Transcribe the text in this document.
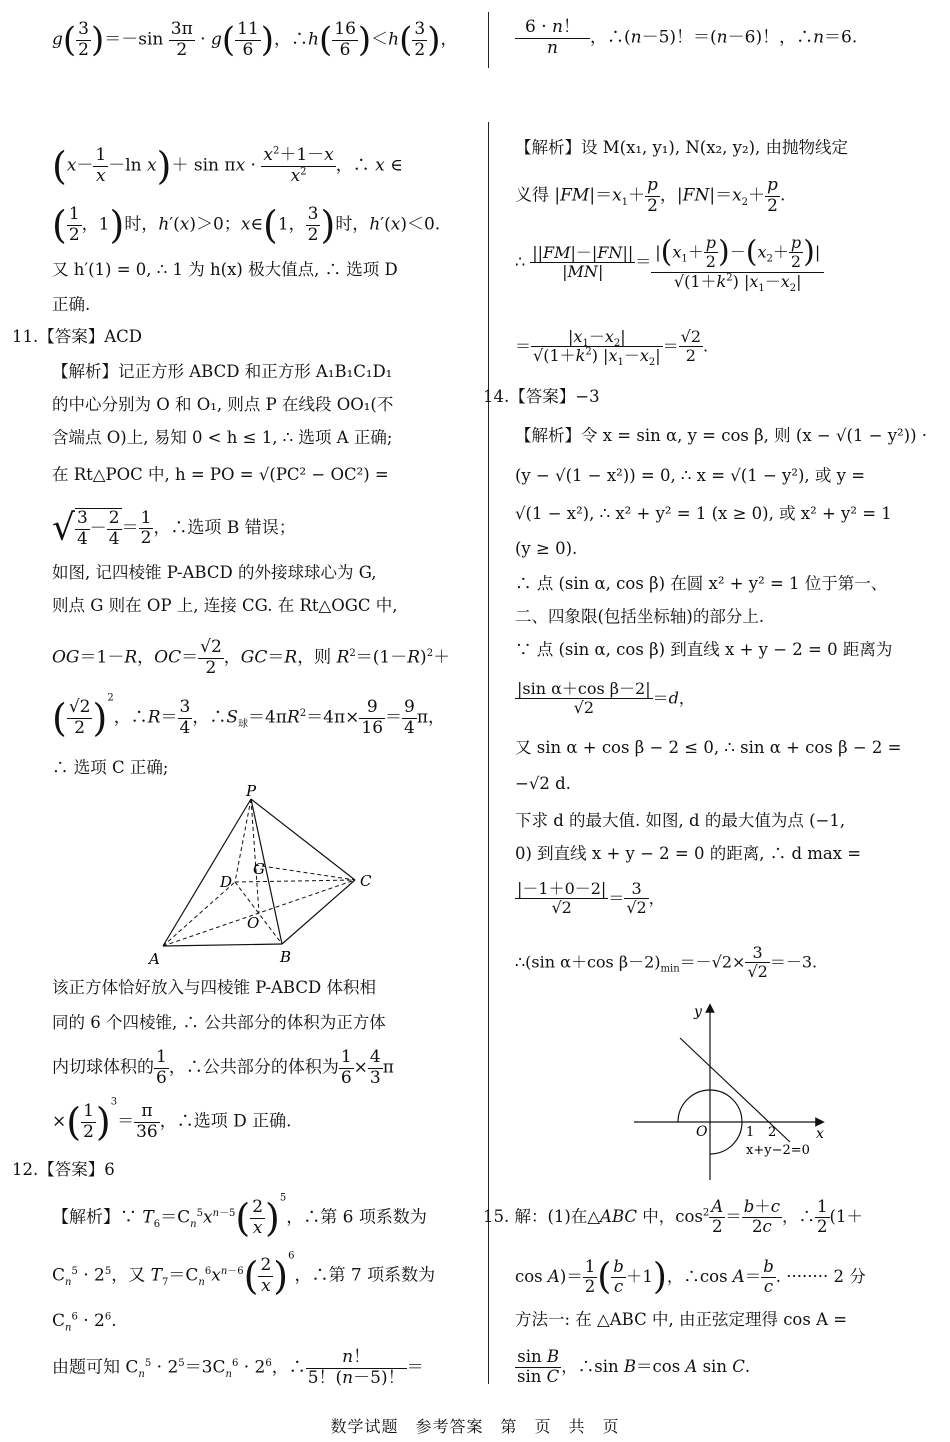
$g( \frac{3}{2} )=-\sin \frac{3\pi}{2} \cdot g( \frac{11}{6}$ )，∴h( $\frac{16}{6} )<h( \frac{3}{2}$ )，	$\frac{6 \cdot n!}{n}$ ，∴(n－5)！＝(n－6)！，∴n＝6.
($x- \frac{1}{x} -\ln$ $x)+ \sin \pi x \cdot \frac{x^2+1-x}{x^2}$ ，∴ x ∈
( $\frac{1}{2}$ ，1)时，h′(x)＞0；x∈(1， $\frac{3}{2}$ )时，h′(x)＜0.
又 h′(1) = 0, ∴ 1 为 h(x) 极大值点, ∴ 选项 D
正确.
11.【答案】ACD
【解析】记正方形 ABCD 和正方形 A₁B₁C₁D₁
的中心分别为 O 和 O₁, 则点 P 在线段 OO₁(不
含端点 O)上, 易知 0 < h ≤ 1, ∴ 选项 A 正确;
在 Rt△POC 中, h = PO = √(PC² − OC²) =
√ $\frac{3}{4} - \frac{2}{4} = \frac{1}{2}$ ，∴选项 B 错误；
如图, 记四棱锥 P-ABCD 的外接球球心为 G,
则点 G 则在 OP 上, 连接 CG. 在 Rt△OGC 中,
OG＝1－R，$OC= \frac{√2}{2}$ ，GC＝R，则 $R^2=(1-R)^2+$
( $\frac{√2}{2} )^2$，∴R＝ $\frac{3}{4}$ ，$\therefore S_球=4\pi R^2=4\pi\times \frac{9}{16} = \frac{9}{4}$ π，
∴ 选项 C 正确;
P
G
D	C
O
A	B
该正方体恰好放入与四棱锥 P-ABCD 体积相
同的 6 个四棱锥, ∴ 公共部分的体积为正方体
内切球体积的 $\frac{1}{6}$ ，∴公共部分的体积为 $\frac{1}{6} \times \frac{4}{3}$ π
×( $\frac{1}{2} )^3= \frac{\pi}{36}$ ，∴选项 D 正确.
12.【答案】6
【解析】∵ $T_6=C_n^5x^{n-5}( \frac{2}{x} )^5$，∴第 6 项系数为
$C_n^5 \cdot 2^5$，又 $T_7=C_n^6x^{n-6}( \frac{2}{x} )^6$，∴第 7 项系数为
$C_n^6 \cdot 2^6$.
由题可知 $C_n^5 \cdot 2^5=3C_n^6 \cdot 2^6$，∴ $\frac{n!}{5!(n-5)!}$ ＝
【解析】设 M(x₁, y₁), N(x₂, y₂), 由抛物线定
义得 $|FM|=x_1+ \frac{p}{2}$ ，$|FN|=x_2+ \frac{p}{2}$ .
∴ $\frac{||FM|-|FN||}{|MN|} = \frac{|(x_1+ \frac{p}{2} )-(x_2+ \frac{p}{2} )|}{√(1+k^2) |x_1-x_2|}$
＝ $\frac{|x_1-x_2|}{√(1+k^2) |x_1-x_2|} = \frac{√2}{2}$ .
14.【答案】−3
【解析】令 x = sin α, y = cos β, 则 (x − √(1 − y²)) ·
(y − √(1 − x²)) = 0, ∴ x = √(1 − y²), 或 y =
√(1 − x²), ∴ x² + y² = 1 (x ≥ 0), 或 x² + y² = 1
(y ≥ 0).
∴ 点 (sin α, cos β) 在圆 x² + y² = 1 位于第一、
二、四象限(包括坐标轴)的部分上.
∵ 点 (sin α, cos β) 到直线 x + y − 2 = 0 距离为
$\frac{\text{|sin α＋cos β－2|}}{√2} =d$，
又 sin α + cos β − 2 ≤ 0, ∴ sin α + cos β − 2 =
−√2 d.
下求 d 的最大值. 如图, d 的最大值为点 (−1,
0) 到直线 x + y − 2 = 0 的距离, ∴ d max =
$\frac{|-1+0-2|}{√2} = \frac{3}{√2}$ ，
∴(sin α＋cos $\beta-2)_{min}=-√2\times \frac{3}{√2} =-3$.
y
x
O	1 2
x+y−2=0
15. 解：(1)在△ABC 中，$\cos^2 \frac{A}{2} = \frac{b+c}{2c}$ ，∴ $\frac{1}{2} (1+$
$\cos A)= \frac{1}{2}$ ( $\frac{b}{c} +1$)，∴cos $A= \frac{b}{c}$ . ········ 2 分
方法一: 在 △ABC 中, 由正弦定理得 cos A =
$\frac{\text{sin B}}{\text{sin C}}$ ，∴sin B＝cos A sin C.
数学试题　参考答案　第　页　共　页
